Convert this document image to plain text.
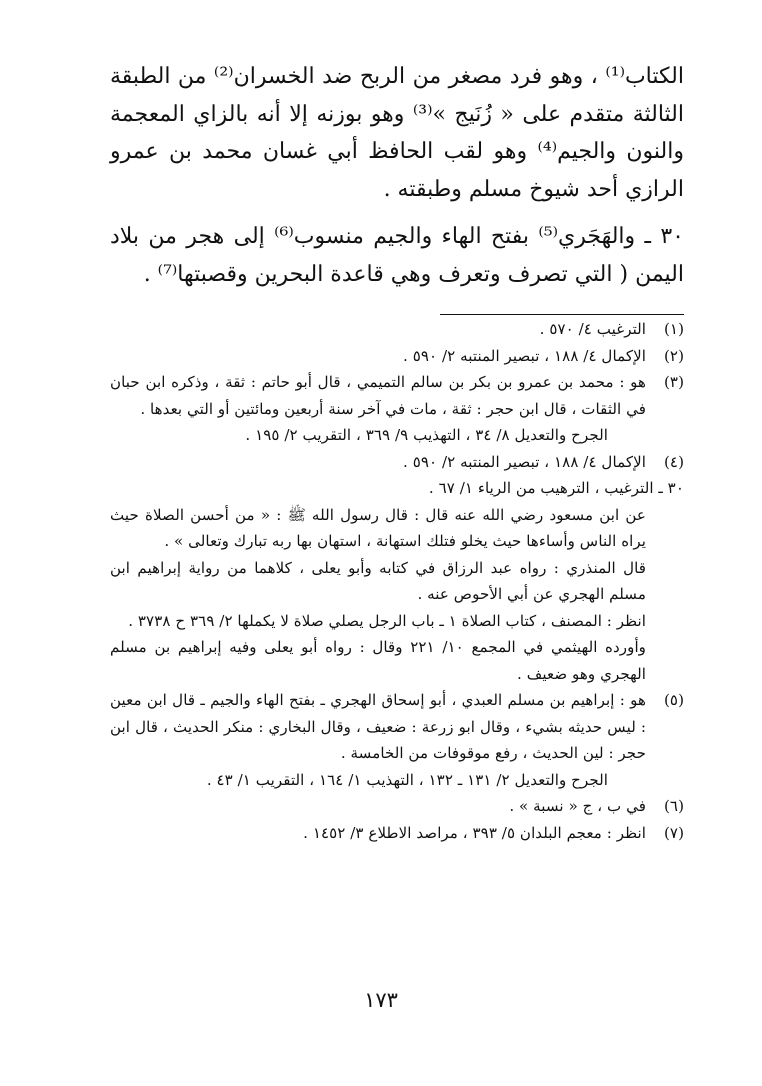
الكتاب⁽¹⁾ ، وهو فرد مصغر من الربح ضد الخسران⁽²⁾ من الطبقة الثالثة متقدم على « زُنَيج »⁽³⁾ وهو بوزنه إلا أنه بالزاي المعجمة والنون والجيم⁽⁴⁾ وهو لقب الحافظ أبي غسان محمد بن عمرو الرازي أحد شيوخ مسلم وطبقته .

٣٠ ـ والهَجَري⁽⁵⁾ بفتح الهاء والجيم منسوب⁽⁶⁾ إلى هجر من بلاد اليمن ( التي تصرف وتعرف وهي قاعدة البحرين وقصبتها⁽⁷⁾ .

(١)

الترغيب ٤/ ٥٧٠ .

(٢)

الإكمال ٤/ ١٨٨ ، تبصير المنتبه ٢/ ٥٩٠ .

(٣)

هو : محمد بن عمرو بن بكر بن سالم التميمي ، قال أبو حاتم : ثقة ، وذكره ابن حبان في الثقات ، قال ابن حجر : ثقة ، مات في آخر سنة أربعين ومائتين أو التي بعدها .

الجرح والتعديل ٨/ ٣٤ ، التهذيب ٩/ ٣٦٩ ، التقريب ٢/ ١٩٥ .

(٤)

الإكمال ٤/ ١٨٨ ، تبصير المنتبه ٢/ ٥٩٠ .

٣٠ ـ الترغيب ، الترهيب من الرياء ١/ ٦٧ .

عن ابن مسعود رضي الله عنه قال : قال رسول الله ﷺ : « من أحسن الصلاة حيث يراه الناس وأساءها حيث يخلو فتلك استهانة ، استهان بها ربه تبارك وتعالى » .

قال المنذري : رواه عبد الرزاق في كتابه وأبو يعلى ، كلاهما من رواية إبراهيم ابن مسلم الهجري عن أبي الأحوص عنه .

انظر : المصنف ، كتاب الصلاة ١ ـ باب الرجل يصلي صلاة لا يكملها ٢/ ٣٦٩ ح ٣٧٣٨ .

وأورده الهيثمي في المجمع ١٠/ ٢٢١ وقال : رواه أبو يعلى وفيه إبراهيم بن مسلم الهجري وهو ضعيف .

(٥)

هو : إبراهيم بن مسلم العبدي ، أبو إسحاق الهجري ـ بفتح الهاء والجيم ـ قال ابن معين : ليس حديثه بشيء ، وقال ابو زرعة : ضعيف ، وقال البخاري : منكر الحديث ، قال ابن حجر : لين الحديث ، رفع موقوفات من الخامسة .

الجرح والتعديل ٢/ ١٣١ ـ ١٣٢ ، التهذيب ١/ ١٦٤ ، التقريب ١/ ٤٣ .

(٦)

في ب ، ج « نسبة » .

(٧)

انظر : معجم البلدان ٥/ ٣٩٣ ، مراصد الاطلاع ٣/ ١٤٥٢ .

١٧٣
